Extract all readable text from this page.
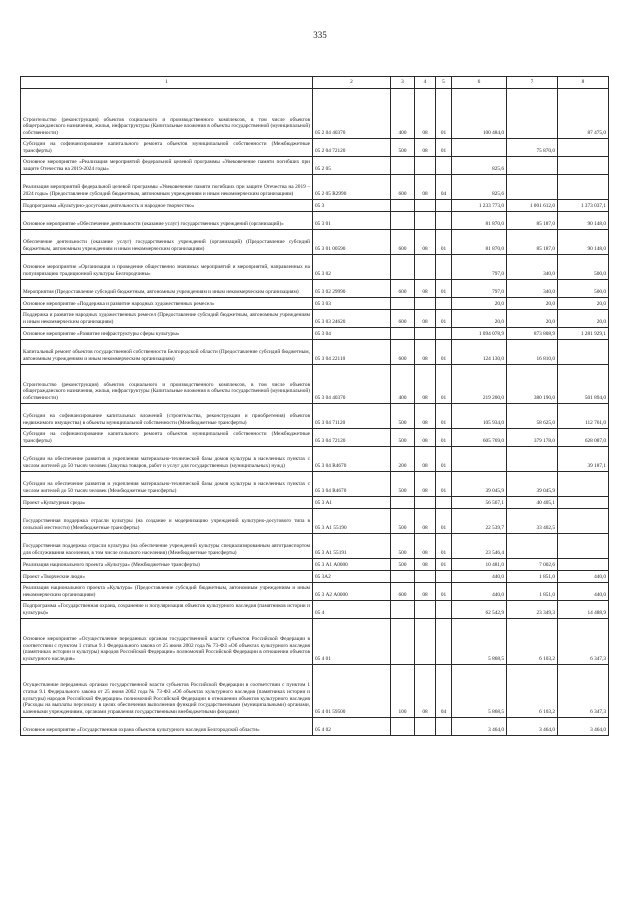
335
1	2	3	4	5	6	7	8
Строительство (реконструкция) объектов социального и производственного комплексов, в том числе объектов общегражданского назначения, жилья, инфраструктуры (Капитальные вложения в объекты государственной (муниципальной) собственности)	05 2 04 40370	400	08	01	100 484,0		87 475,0
Субсидии на софинансирование капитального ремонта объектов муниципальной собственности (Межбюджетные трансферты)	05 2 04 72120	500	08	01		75 870,0	
Основное мероприятие «Реализация мероприятий федеральной целевой программы «Увековечение памяти погибших при защите Отечества на 2019-2024 годы»	05 2 05				825,6		
Реализация мероприятий федеральной целевой программы «Увековечение памяти погибших при защите Отечества на 2019 – 2024 годы» (Предоставление субсидий бюджетным, автономным учреждениям и иным некоммерческим организациям)	05 2 05 R2990	600	08	04	825,6		
Подпрограмма «Культурно-досуговая деятельность и народное творчество»	05 3				1 233 773,0	1 001 612,0	1 373 037,1
Основное мероприятие «Обеспечение деятельности (оказание услуг) государственных учреждений (организаций)»	05 3 01				81 870,0	85 187,0	90 148,0
Обеспечение деятельности (оказание услуг) государственных учреждений (организаций) (Предоставление субсидий бюджетным, автономным учреждениям и иным некоммерческим организациям)	05 3 01 00590	600	08	01	81 870,0	85 187,0	90 148,0
Основное мероприятие «Организация и проведение общественно значимых мероприятий и мероприятий, направленных на популяризацию традиционной культуры Белгородчины»	05 3 02				797,0	340,0	500,0
Мероприятия (Предоставление субсидий бюджетным, автономным учреждениям и иным некоммерческим организациям)	05 3 02 29990	600	08	01	797,0	340,0	500,0
Основное мероприятие «Поддержка и развитие народных художественных ремесел»	05 3 03				20,0	20,0	20,0
Поддержка и развитие народных художественных ремесел (Предоставление субсидий бюджетным, автономным учреждениям и иным некоммерческим организациям)	05 3 03 24620	600	08	01	20,0	20,0	20,0
Основное мероприятие «Развитие инфраструктуры сферы культуры»	05 3 04				1 094 078,9	873 808,9	1 281 929,1
Капитальный ремонт объектов государственной собственности Белгородской области (Предоставление субсидий бюджетным, автономным учреждениям и иным некоммерческим организациям)	05 3 04 22110	600	08	01	124 130,0	16 810,0	
Строительство (реконструкция) объектов социального и производственного комплексов, в том числе объектов общегражданского назначения, жилья, инфраструктуры (Капитальные вложения в объекты государственной (муниципальной) собственности)	05 3 04 40370	400	08	01	219 200,0	380 190,0	501 894,0
Субсидии на софинансирование капитальных вложений (строительства, реконструкции и приобретения) объектов недвижимого имущества) в объекты муниципальной собственности (Межбюджетные трансферты)	05 3 04 71120	500	08	01	105 934,0	58 625,0	112 761,0
Субсидии на софинансирование капитального ремонта объектов муниципальной собственности (Межбюджетные трансферты)	05 3 04 72120	500	08	01	605 769,0	379 178,0	628 087,0
Субсидии на обеспечение развития и укрепления материально-технической базы домов культуры в населенных пунктах с числом жителей до 50 тысяч человек (Закупка товаров, работ и услуг для государственных (муниципальных) нужд)	05 3 04 R4670	200	08	01			39 187,1
Субсидии на обеспечение развития и укрепления материально-технической базы домов культуры в населенных пунктах с числом жителей до 50 тысяч человек (Межбюджетные трансферты)	05 3 04 R4670	500	08	01	39 045,9	39 045,9	
Проект «Культурная среда»	05 3 А1				56 567,1	40 405,1	
Государственная поддержка отрасли культуры (на создание и модернизацию учреждений культурно-досугового типа в сельской местности) (Межбюджетные трансферты)	05 3 А1 55190	500	08	01	22 539,7	33 402,5	
Государственная поддержка отрасли культуры (на обеспечение учреждений культуры специализированным автотранспортом для обслуживания населения, в том числе сельского населения) (Межбюджетные трансферты)	05 3 А1 55191	500	08	01	23 546,4		
Реализация национального проекта «Культура» (Межбюджетные трансферты)	05 3 А1 А0000	500	08	01	10 481,0	7 002,6	
Проект «Творческие люди»	05 3А2				440,0	1 851,0	440,0
Реализация национального проекта «Культура» (Предоставление субсидий бюджетным, автономным учреждениям и иным некоммерческим организациям)	05 3 А2 А0000	600	08	01	440,0	1 851,0	440,0
Подпрограмма «Государственная охрана, сохранение и популяризация объектов культурного наследия (памятников истории и культуры)»	05 4				62 542,9	23 349,3	14 488,9
Основное мероприятие «Осуществление переданных органам государственной власти субъектов Российской Федерации в соответствии с пунктом 1 статьи 9.1 Федерального закона от 25 июня 2002 года № 73-ФЗ «Об объектах культурного наследия (памятниках истории и культуры) народов Российской Федерации» полномочий Российской Федерации в отношении объектов культурного наследия»	05 4 01				5 868,5	6 103,2	6 347,3
Осуществление переданных органам государственной власти субъектов Российской Федерации в соответствии с пунктом 1 статьи 9.1 Федерального закона от 25 июня 2002 года № 73-ФЗ «Об объектах культурного наследия (памятниках истории и культуры) народов Российской Федерации» полномочий Российской Федерации в отношении объектов культурного наследия (Расходы на выплаты персоналу в целях обеспечения выполнения функций государственными (муниципальными) органами, казенными учреждениями, органами управления государственными внебюджетными фондами)	05 4 01 59500	100	08	04	5 868,5	6 103,2	6 347,3
Основное мероприятие «Государственная охрана объектов культурного наследия Белгородской области»	05 4 02				3 464,0	3 464,0	3 464,0
